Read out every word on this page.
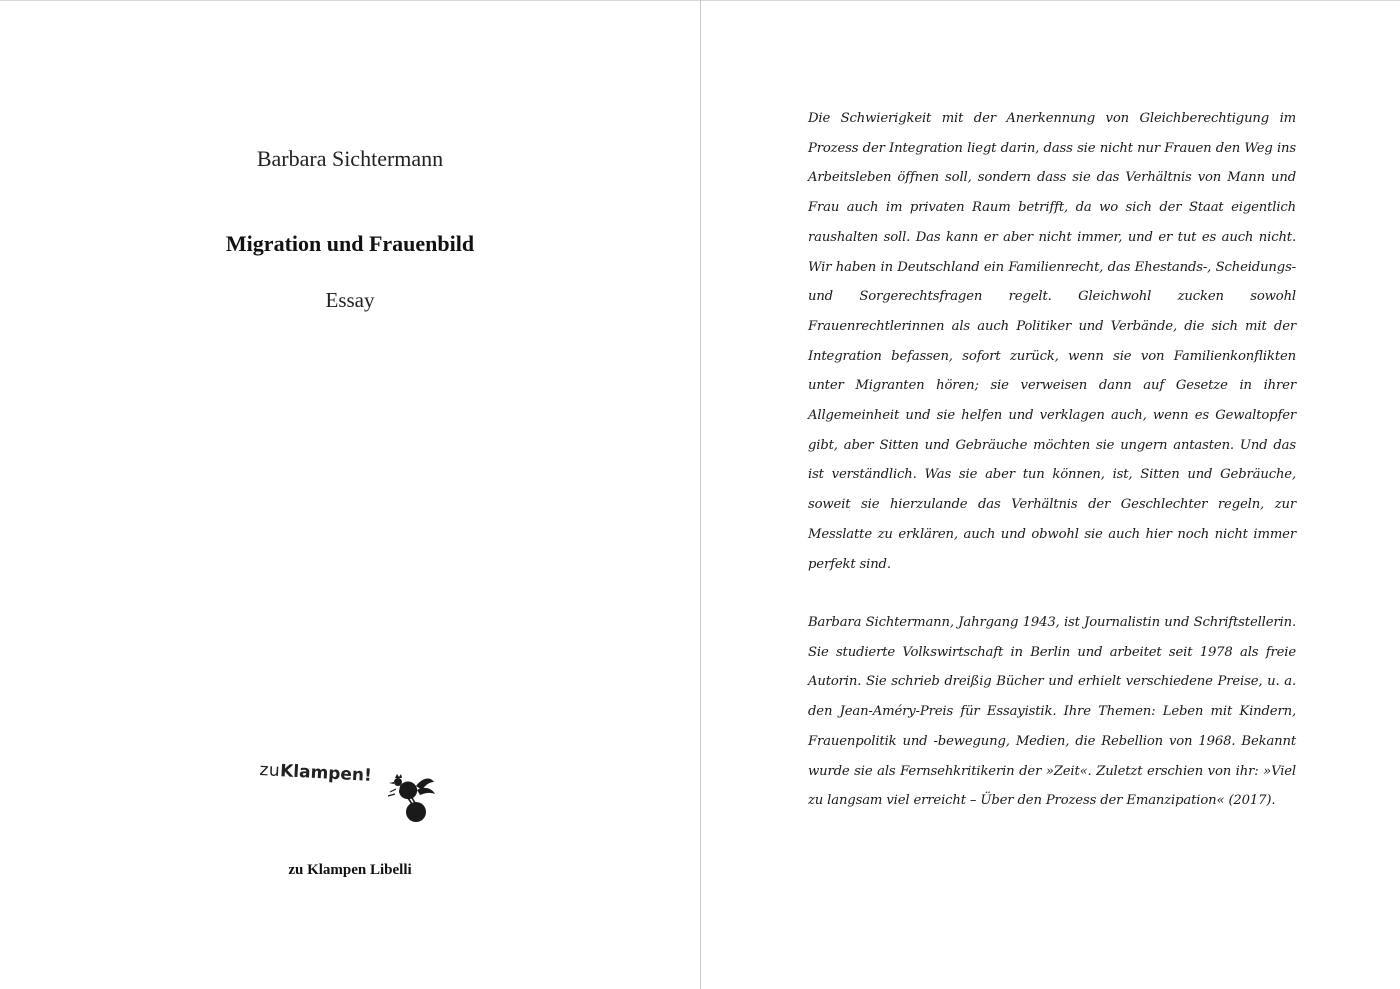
Barbara Sichtermann
Migration und Frauenbild
Essay
zuKlampen!
zu Klampen Libelli

Die Schwierigkeit mit der Anerkennung von Gleichberechtigung im Prozess der Integration liegt darin, dass sie nicht nur Frauen den Weg ins Arbeitsleben öffnen soll, sondern dass sie das Verhältnis von Mann und Frau auch im privaten Raum betrifft, da wo sich der Staat eigentlich raushalten soll. Das kann er aber nicht immer, und er tut es auch nicht. Wir haben in Deutschland ein Familienrecht, das Ehestands-, Scheidungs- und Sorgerechtsfragen regelt. Gleichwohl zucken sowohl Frauenrechtlerinnen als auch Politiker und Verbände, die sich mit der Integration befassen, sofort zurück, wenn sie von Familienkonflikten unter Migranten hören; sie verweisen dann auf Gesetze in ihrer Allgemeinheit und sie helfen und verklagen auch, wenn es Gewaltopfer gibt, aber Sitten und Gebräuche möchten sie ungern antasten. Und das ist verständlich. Was sie aber tun können, ist, Sitten und Gebräuche, soweit sie hierzulande das Verhältnis der Geschlechter regeln, zur Messlatte zu erklären, auch und obwohl sie auch hier noch nicht immer perfekt sind.

Barbara Sichtermann, Jahrgang 1943, ist Journalistin und Schriftstellerin. Sie studierte Volkswirtschaft in Berlin und arbeitet seit 1978 als freie Autorin. Sie schrieb dreißig Bücher und erhielt verschiedene Preise, u. a. den Jean-Améry-Preis für Essayistik. Ihre Themen: Leben mit Kindern, Frauenpolitik und -bewegung, Medien, die Rebellion von 1968. Bekannt wurde sie als Fernsehkritikerin der »Zeit«. Zuletzt erschien von ihr: »Viel zu langsam viel erreicht – Über den Prozess der Emanzipation« (2017).
